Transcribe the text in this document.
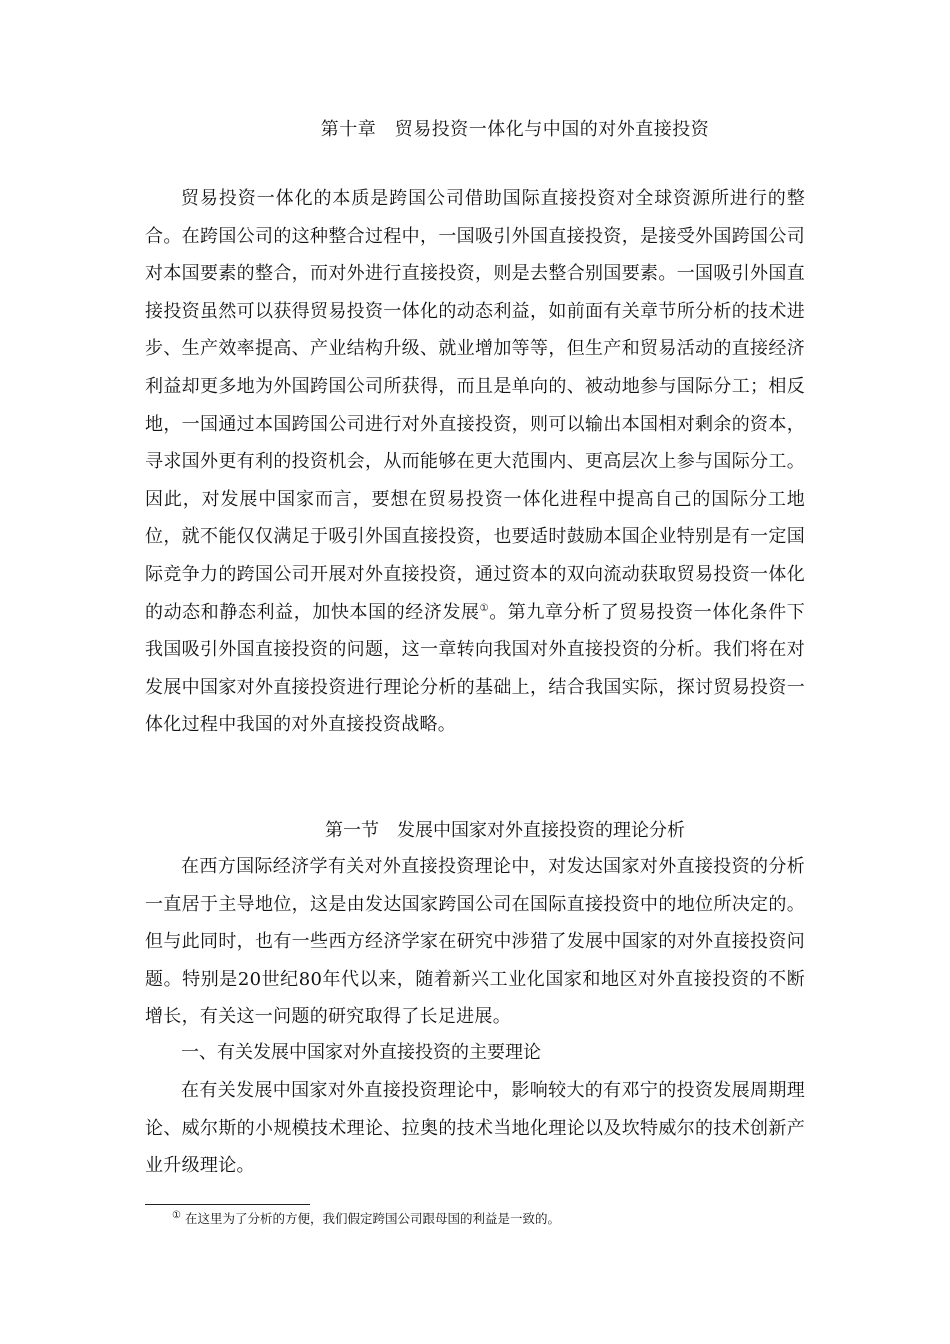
第十章　贸易投资一体化与中国的对外直接投资
贸易投资一体化的本质是跨国公司借助国际直接投资对全球资源所进行的整合。在跨国公司的这种整合过程中，一国吸引外国直接投资，是接受外国跨国公司对本国要素的整合，而对外进行直接投资，则是去整合别国要素。一国吸引外国直接投资虽然可以获得贸易投资一体化的动态利益，如前面有关章节所分析的技术进步、生产效率提高、产业结构升级、就业增加等等，但生产和贸易活动的直接经济利益却更多地为外国跨国公司所获得，而且是单向的、被动地参与国际分工；相反地，一国通过本国跨国公司进行对外直接投资，则可以输出本国相对剩余的资本，寻求国外更有利的投资机会，从而能够在更大范围内、更高层次上参与国际分工。因此，对发展中国家而言，要想在贸易投资一体化进程中提高自己的国际分工地位，就不能仅仅满足于吸引外国直接投资，也要适时鼓励本国企业特别是有一定国际竞争力的跨国公司开展对外直接投资，通过资本的双向流动获取贸易投资一体化的动态和静态利益，加快本国的经济发展①。第九章分析了贸易投资一体化条件下我国吸引外国直接投资的问题，这一章转向我国对外直接投资的分析。我们将在对发展中国家对外直接投资进行理论分析的基础上，结合我国实际，探讨贸易投资一体化过程中我国的对外直接投资战略。
第一节　发展中国家对外直接投资的理论分析
在西方国际经济学有关对外直接投资理论中，对发达国家对外直接投资的分析一直居于主导地位，这是由发达国家跨国公司在国际直接投资中的地位所决定的。但与此同时，也有一些西方经济学家在研究中涉猎了发展中国家的对外直接投资问题。特别是20世纪80年代以来，随着新兴工业化国家和地区对外直接投资的不断增长，有关这一问题的研究取得了长足进展。
一、有关发展中国家对外直接投资的主要理论
在有关发展中国家对外直接投资理论中，影响较大的有邓宁的投资发展周期理论、威尔斯的小规模技术理论、拉奥的技术当地化理论以及坎特威尔的技术创新产业升级理论。
① 在这里为了分析的方便，我们假定跨国公司跟母国的利益是一致的。
